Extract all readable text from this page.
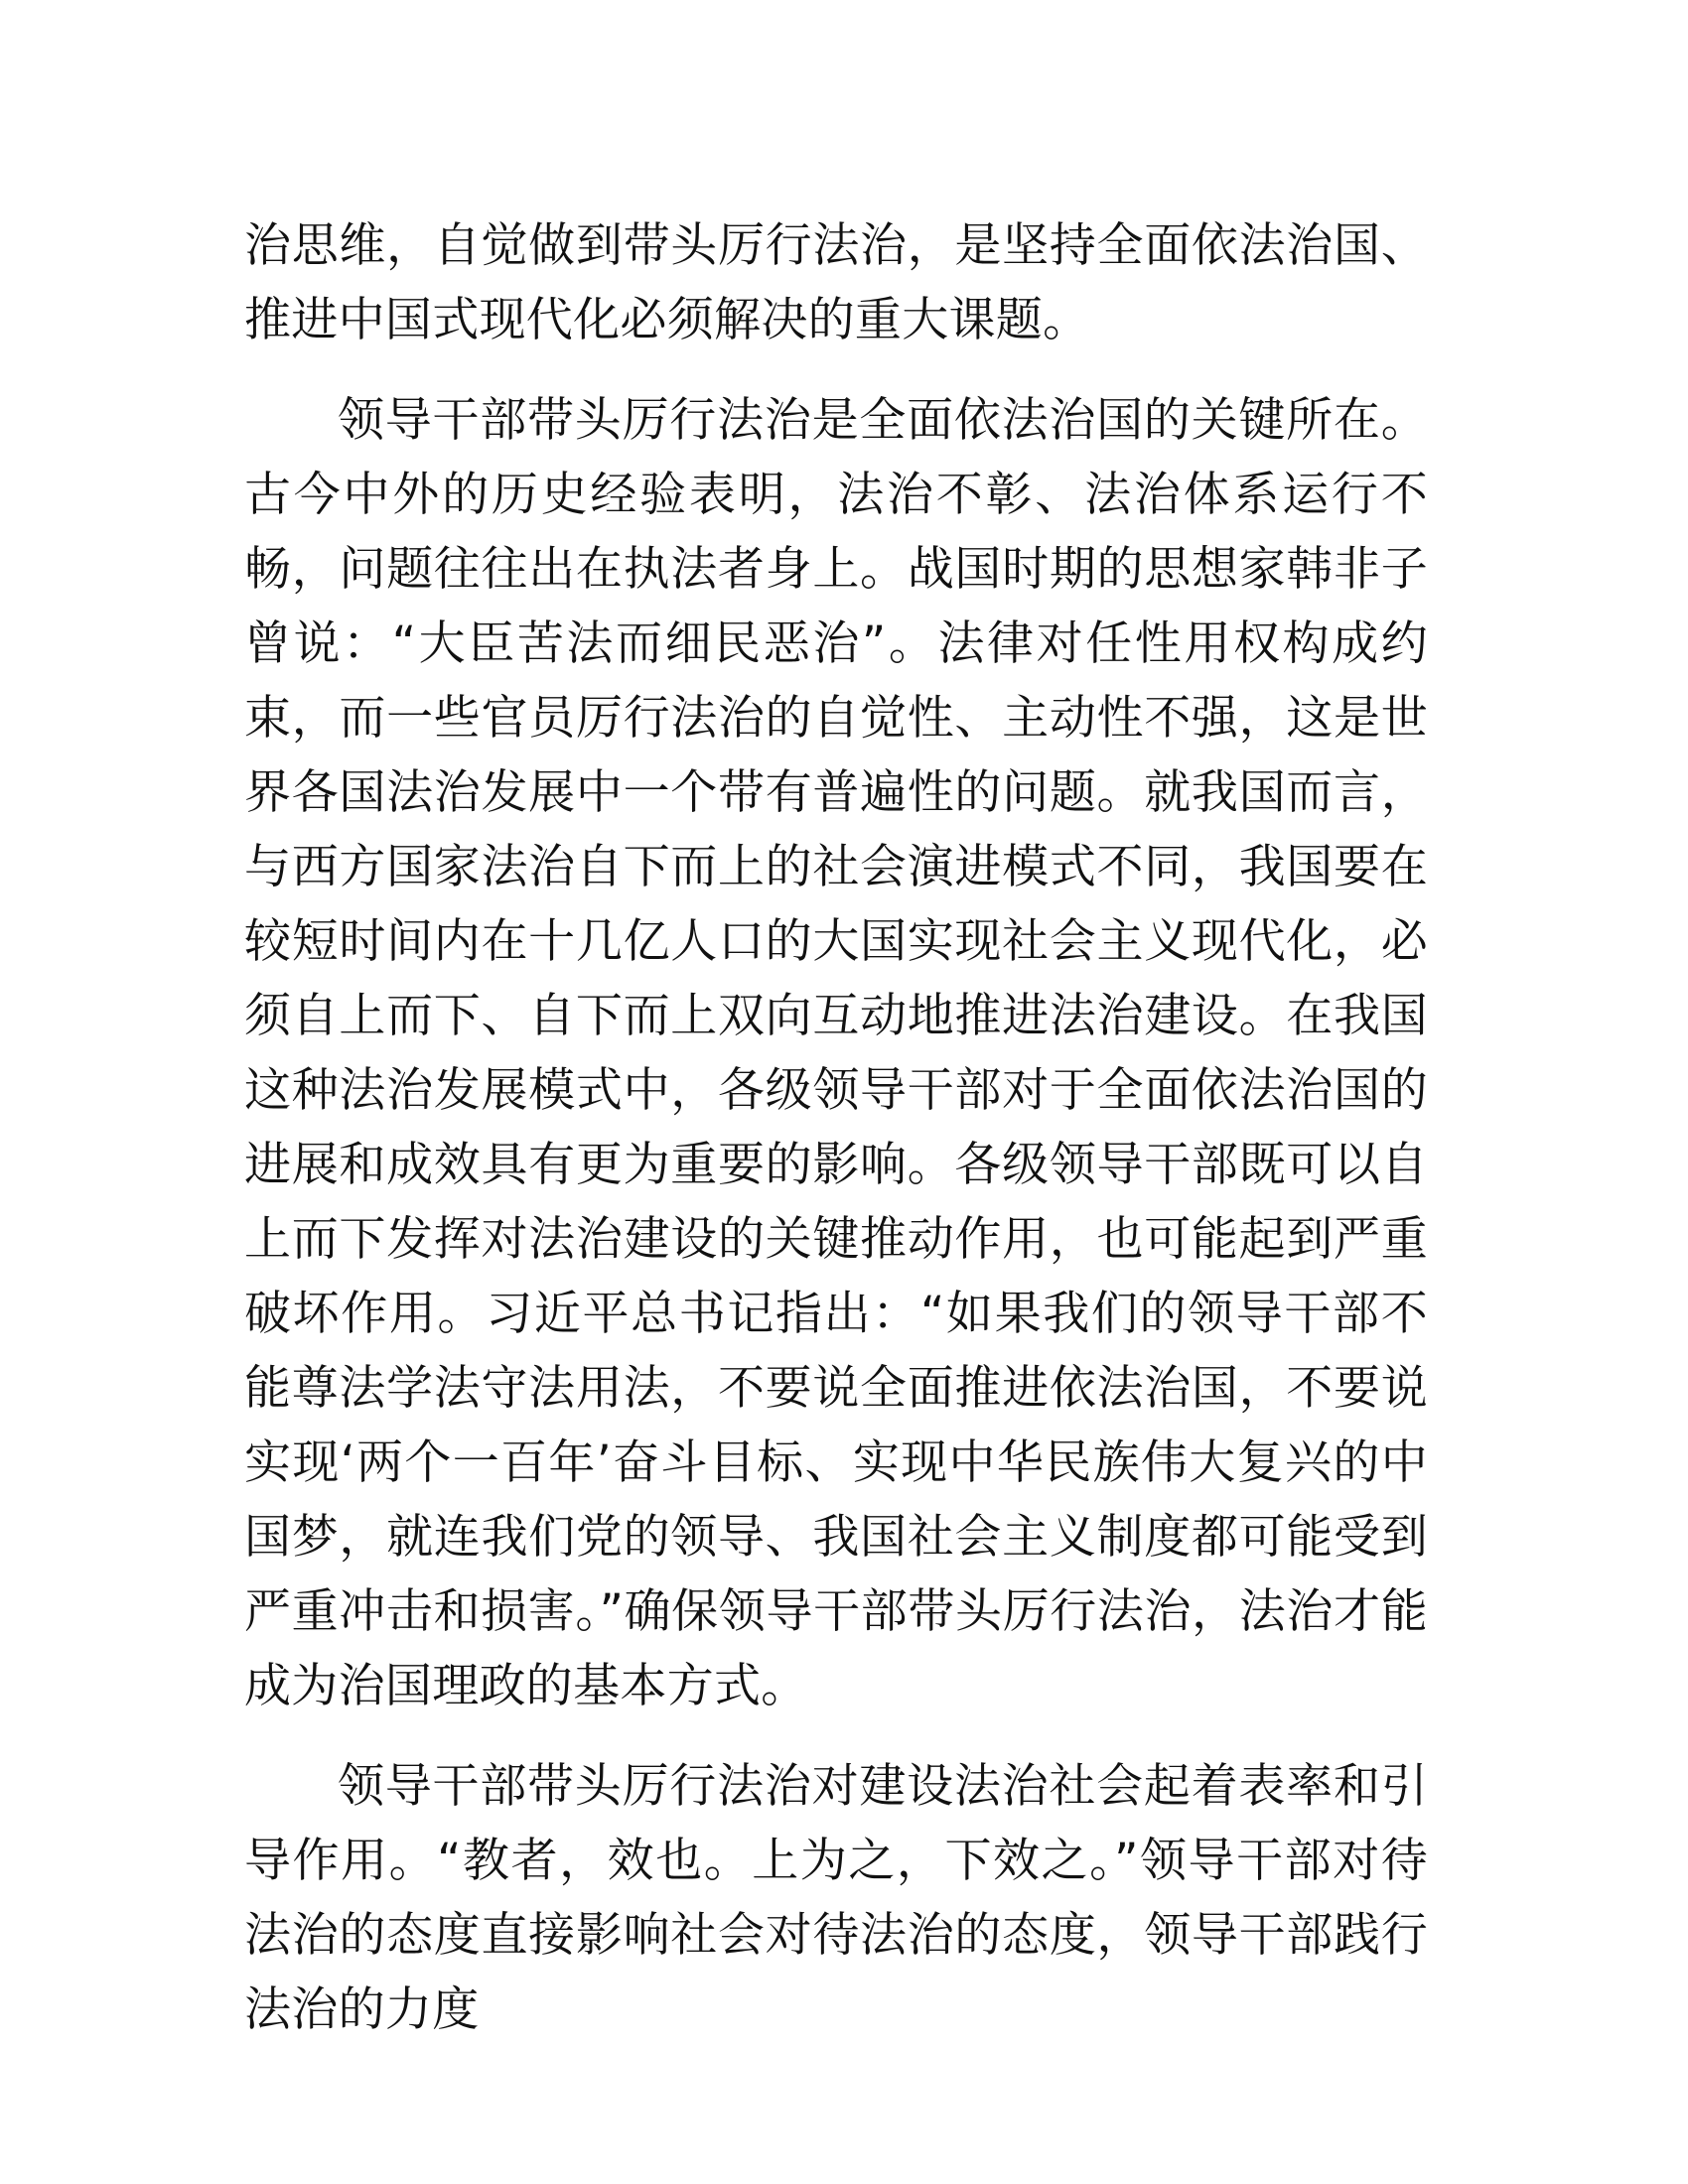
治思维，自觉做到带头厉行法治，是坚持全面依法治国、推进中国式现代化必须解决的重大课题。

领导干部带头厉行法治是全面依法治国的关键所在。古今中外的历史经验表明，法治不彰、法治体系运行不畅，问题往往出在执法者身上。战国时期的思想家韩非子曾说：“大臣苦法而细民恶治”。法律对任性用权构成约束，而一些官员厉行法治的自觉性、主动性不强，这是世界各国法治发展中一个带有普遍性的问题。就我国而言，与西方国家法治自下而上的社会演进模式不同，我国要在较短时间内在十几亿人口的大国实现社会主义现代化，必须自上而下、自下而上双向互动地推进法治建设。在我国这种法治发展模式中，各级领导干部对于全面依法治国的进展和成效具有更为重要的影响。各级领导干部既可以自上而下发挥对法治建设的关键推动作用，也可能起到严重破坏作用。习近平总书记指出：“如果我们的领导干部不能尊法学法守法用法，不要说全面推进依法治国，不要说实现‘两个一百年’奋斗目标、实现中华民族伟大复兴的中国梦，就连我们党的领导、我国社会主义制度都可能受到严重冲击和损害。”确保领导干部带头厉行法治，法治才能成为治国理政的基本方式。

领导干部带头厉行法治对建设法治社会起着表率和引导作用。“教者，效也。上为之，下效之。”领导干部对待法治的态度直接影响社会对待法治的态度，领导干部践行法治的力度
